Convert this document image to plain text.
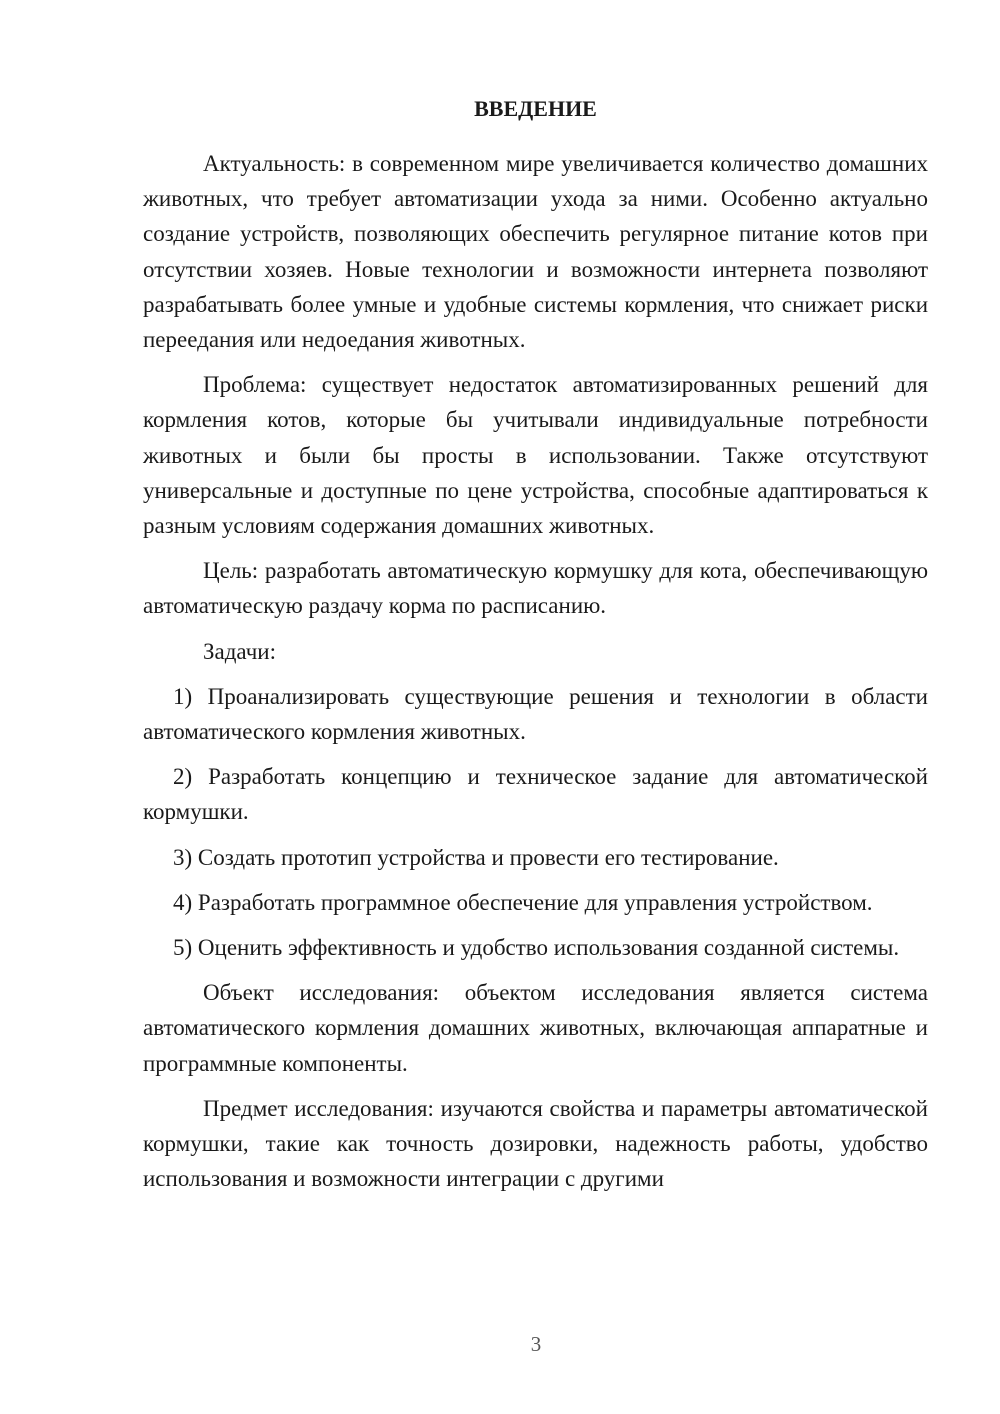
ВВЕДЕНИЕ

Актуальность: в современном мире увеличивается количество домашних животных, что требует автоматизации ухода за ними. Особенно актуально создание устройств, позволяющих обеспечить регулярное питание котов при отсутствии хозяев. Новые технологии и возможности интернета позволяют разрабатывать более умные и удобные системы кормления, что снижает риски переедания или недоедания животных.

Проблема: существует недостаток автоматизированных решений для кормления котов, которые бы учитывали индивидуальные потребности животных и были бы просты в использовании. Также отсутствуют универсальные и доступные по цене устройства, способные адаптироваться к разным условиям содержания домашних животных.

Цель: разработать автоматическую кормушку для кота, обеспечивающую автоматическую раздачу корма по расписанию.

Задачи:

1) Проанализировать существующие решения и технологии в области автоматического кормления животных.

2) Разработать концепцию и техническое задание для автоматической кормушки.

3) Создать прототип устройства и провести его тестирование.

4) Разработать программное обеспечение для управления устройством.

5) Оценить эффективность и удобство использования созданной системы.

Объект исследования: объектом исследования является система автоматического кормления домашних животных, включающая аппаратные и программные компоненты.

Предмет исследования: изучаются свойства и параметры автоматической кормушки, такие как точность дозировки, надежность работы, удобство использования и возможности интеграции с другими

3
